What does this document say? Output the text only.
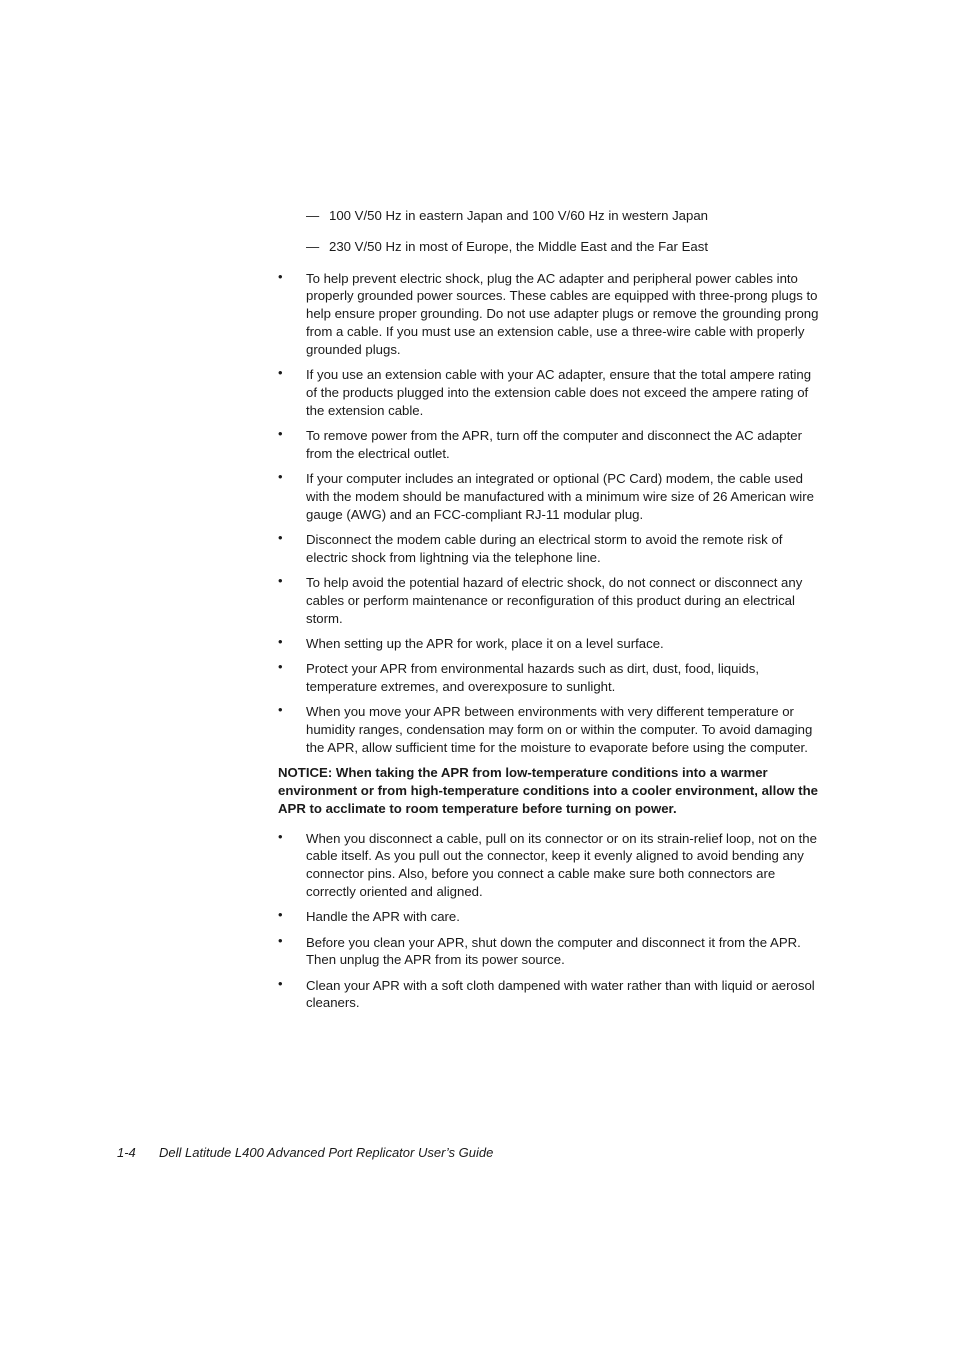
— 100 V/50 Hz in eastern Japan and 100 V/60 Hz in western Japan
— 230 V/50 Hz in most of Europe, the Middle East and the Far East
• To help prevent electric shock, plug the AC adapter and peripheral power cables into properly grounded power sources. These cables are equipped with three-prong plugs to help ensure proper grounding. Do not use adapter plugs or remove the grounding prong from a cable. If you must use an extension cable, use a three-wire cable with properly grounded plugs.
• If you use an extension cable with your AC adapter, ensure that the total ampere rating of the products plugged into the extension cable does not exceed the ampere rating of the extension cable.
• To remove power from the APR, turn off the computer and disconnect the AC adapter from the electrical outlet.
• If your computer includes an integrated or optional (PC Card) modem, the cable used with the modem should be manufactured with a minimum wire size of 26 American wire gauge (AWG) and an FCC-compliant RJ-11 modular plug.
• Disconnect the modem cable during an electrical storm to avoid the remote risk of electric shock from lightning via the telephone line.
• To help avoid the potential hazard of electric shock, do not connect or disconnect any cables or perform maintenance or reconfiguration of this product during an electrical storm.
• When setting up the APR for work, place it on a level surface.
• Protect your APR from environmental hazards such as dirt, dust, food, liquids, temperature extremes, and overexposure to sunlight.
• When you move your APR between environments with very different temperature or humidity ranges, condensation may form on or within the computer. To avoid damaging the APR, allow sufficient time for the moisture to evaporate before using the computer.

NOTICE: When taking the APR from low-temperature conditions into a warmer environment or from high-temperature conditions into a cooler environment, allow the APR to acclimate to room temperature before turning on power.

• When you disconnect a cable, pull on its connector or on its strain-relief loop, not on the cable itself. As you pull out the connector, keep it evenly aligned to avoid bending any connector pins. Also, before you connect a cable make sure both connectors are correctly oriented and aligned.
• Handle the APR with care.
• Before you clean your APR, shut down the computer and disconnect it from the APR. Then unplug the APR from its power source.
• Clean your APR with a soft cloth dampened with water rather than with liquid or aerosol cleaners.
1-4 Dell Latitude L400 Advanced Port Replicator User’s Guide
